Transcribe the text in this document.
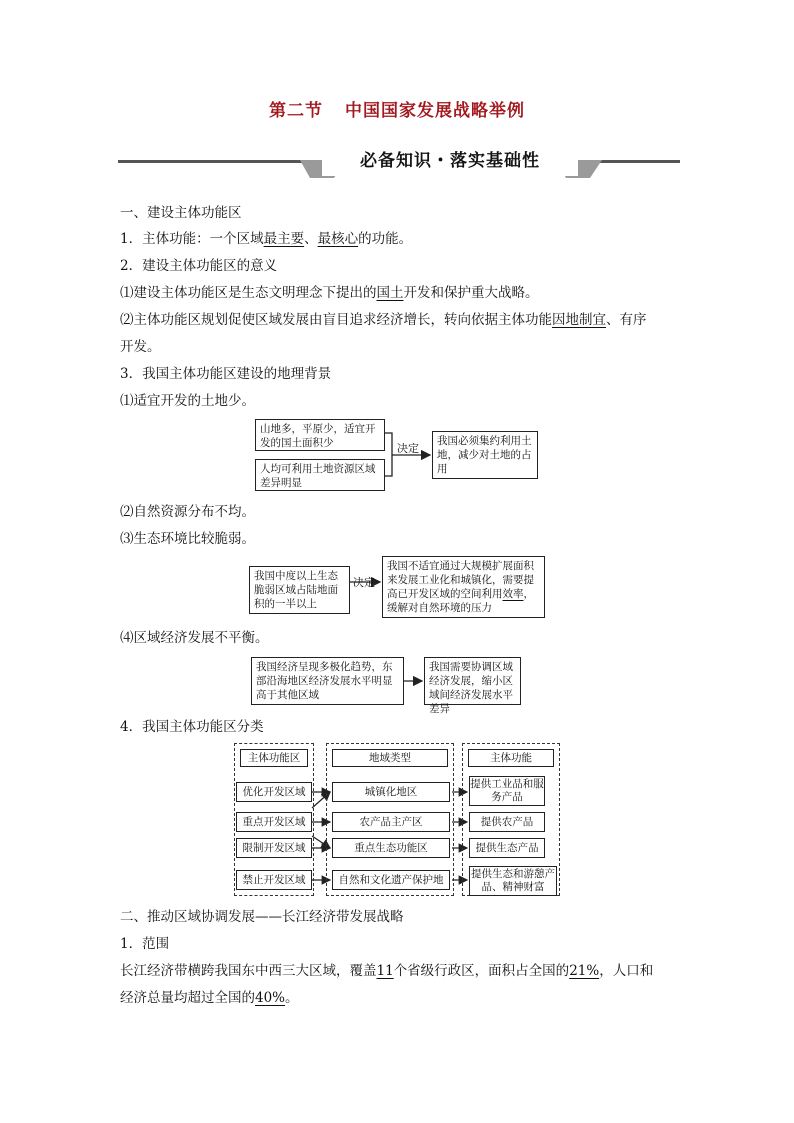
第二节 中国国家发展战略举例
必备知识・落实基础性
一、建设主体功能区
1．主体功能：一个区域最主要、最核心的功能。
2．建设主体功能区的意义
⑴建设主体功能区是生态文明理念下提出的国土开发和保护重大战略。
⑵主体功能区规划促使区域发展由盲目追求经济增长，转向依据主体功能因地制宜、有序
开发。
3．我国主体功能区建设的地理背景
⑴适宜开发的土地少。
山地多，平原少，适宜开发的国土面积少
人均可利用土地资源区域差异明显
决定
我国必须集约利用土地，减少对土地的占用
⑵自然资源分布不均。
⑶生态环境比较脆弱。
我国中度以上生态脆弱区域占陆地面积的一半以上
决定
我国不适宜通过大规模扩展面积来发展工业化和城镇化，需要提高已开发区域的空间利用效率，缓解对自然环境的压力
⑷区域经济发展不平衡。
我国经济呈现多极化趋势，东部沿海地区经济发展水平明显高于其他区域
我国需要协调区域经济发展，缩小区域间经济发展水平差异
4．我国主体功能区分类
主体功能区	地域类型	主体功能
优化开发区域
重点开发区域
限制开发区域
禁止开发区域
城镇化地区
农产品主产区
重点生态功能区
自然和文化遗产保护地
提供工业品和服务产品
提供农产品
提供生态产品
提供生态和游憩产品、精神财富
二、推动区域协调发展——长江经济带发展战略
1．范围
长江经济带横跨我国东中西三大区域，覆盖11个省级行政区，面积占全国的21%，人口和
经济总量均超过全国的40%。
